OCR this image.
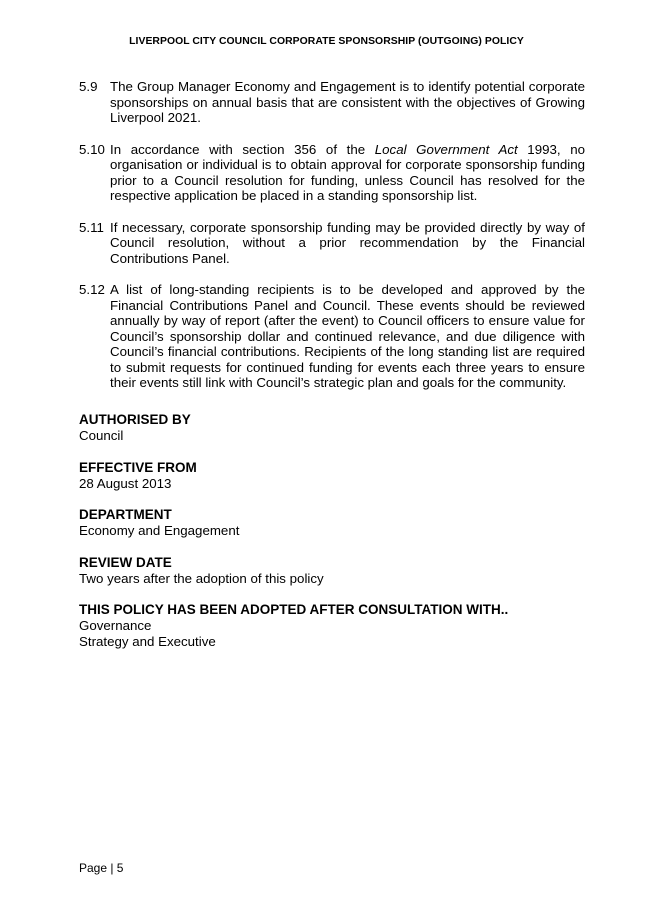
LIVERPOOL CITY COUNCIL CORPORATE SPONSORSHIP (OUTGOING) POLICY
5.9 The Group Manager Economy and Engagement is to identify potential corporate sponsorships on annual basis that are consistent with the objectives of Growing Liverpool 2021.
5.10 In accordance with section 356 of the Local Government Act 1993, no organisation or individual is to obtain approval for corporate sponsorship funding prior to a Council resolution for funding, unless Council has resolved for the respective application be placed in a standing sponsorship list.
5.11 If necessary, corporate sponsorship funding may be provided directly by way of Council resolution, without a prior recommendation by the Financial Contributions Panel.
5.12 A list of long-standing recipients is to be developed and approved by the Financial Contributions Panel and Council. These events should be reviewed annually by way of report (after the event) to Council officers to ensure value for Council’s sponsorship dollar and continued relevance, and due diligence with Council’s financial contributions. Recipients of the long standing list are required to submit requests for continued funding for events each three years to ensure their events still link with Council’s strategic plan and goals for the community.
AUTHORISED BY
Council
EFFECTIVE FROM
28 August 2013
DEPARTMENT
Economy and Engagement
REVIEW DATE
Two years after the adoption of this policy
THIS POLICY HAS BEEN ADOPTED AFTER CONSULTATION WITH..
Governance
Strategy and Executive
Page | 5
